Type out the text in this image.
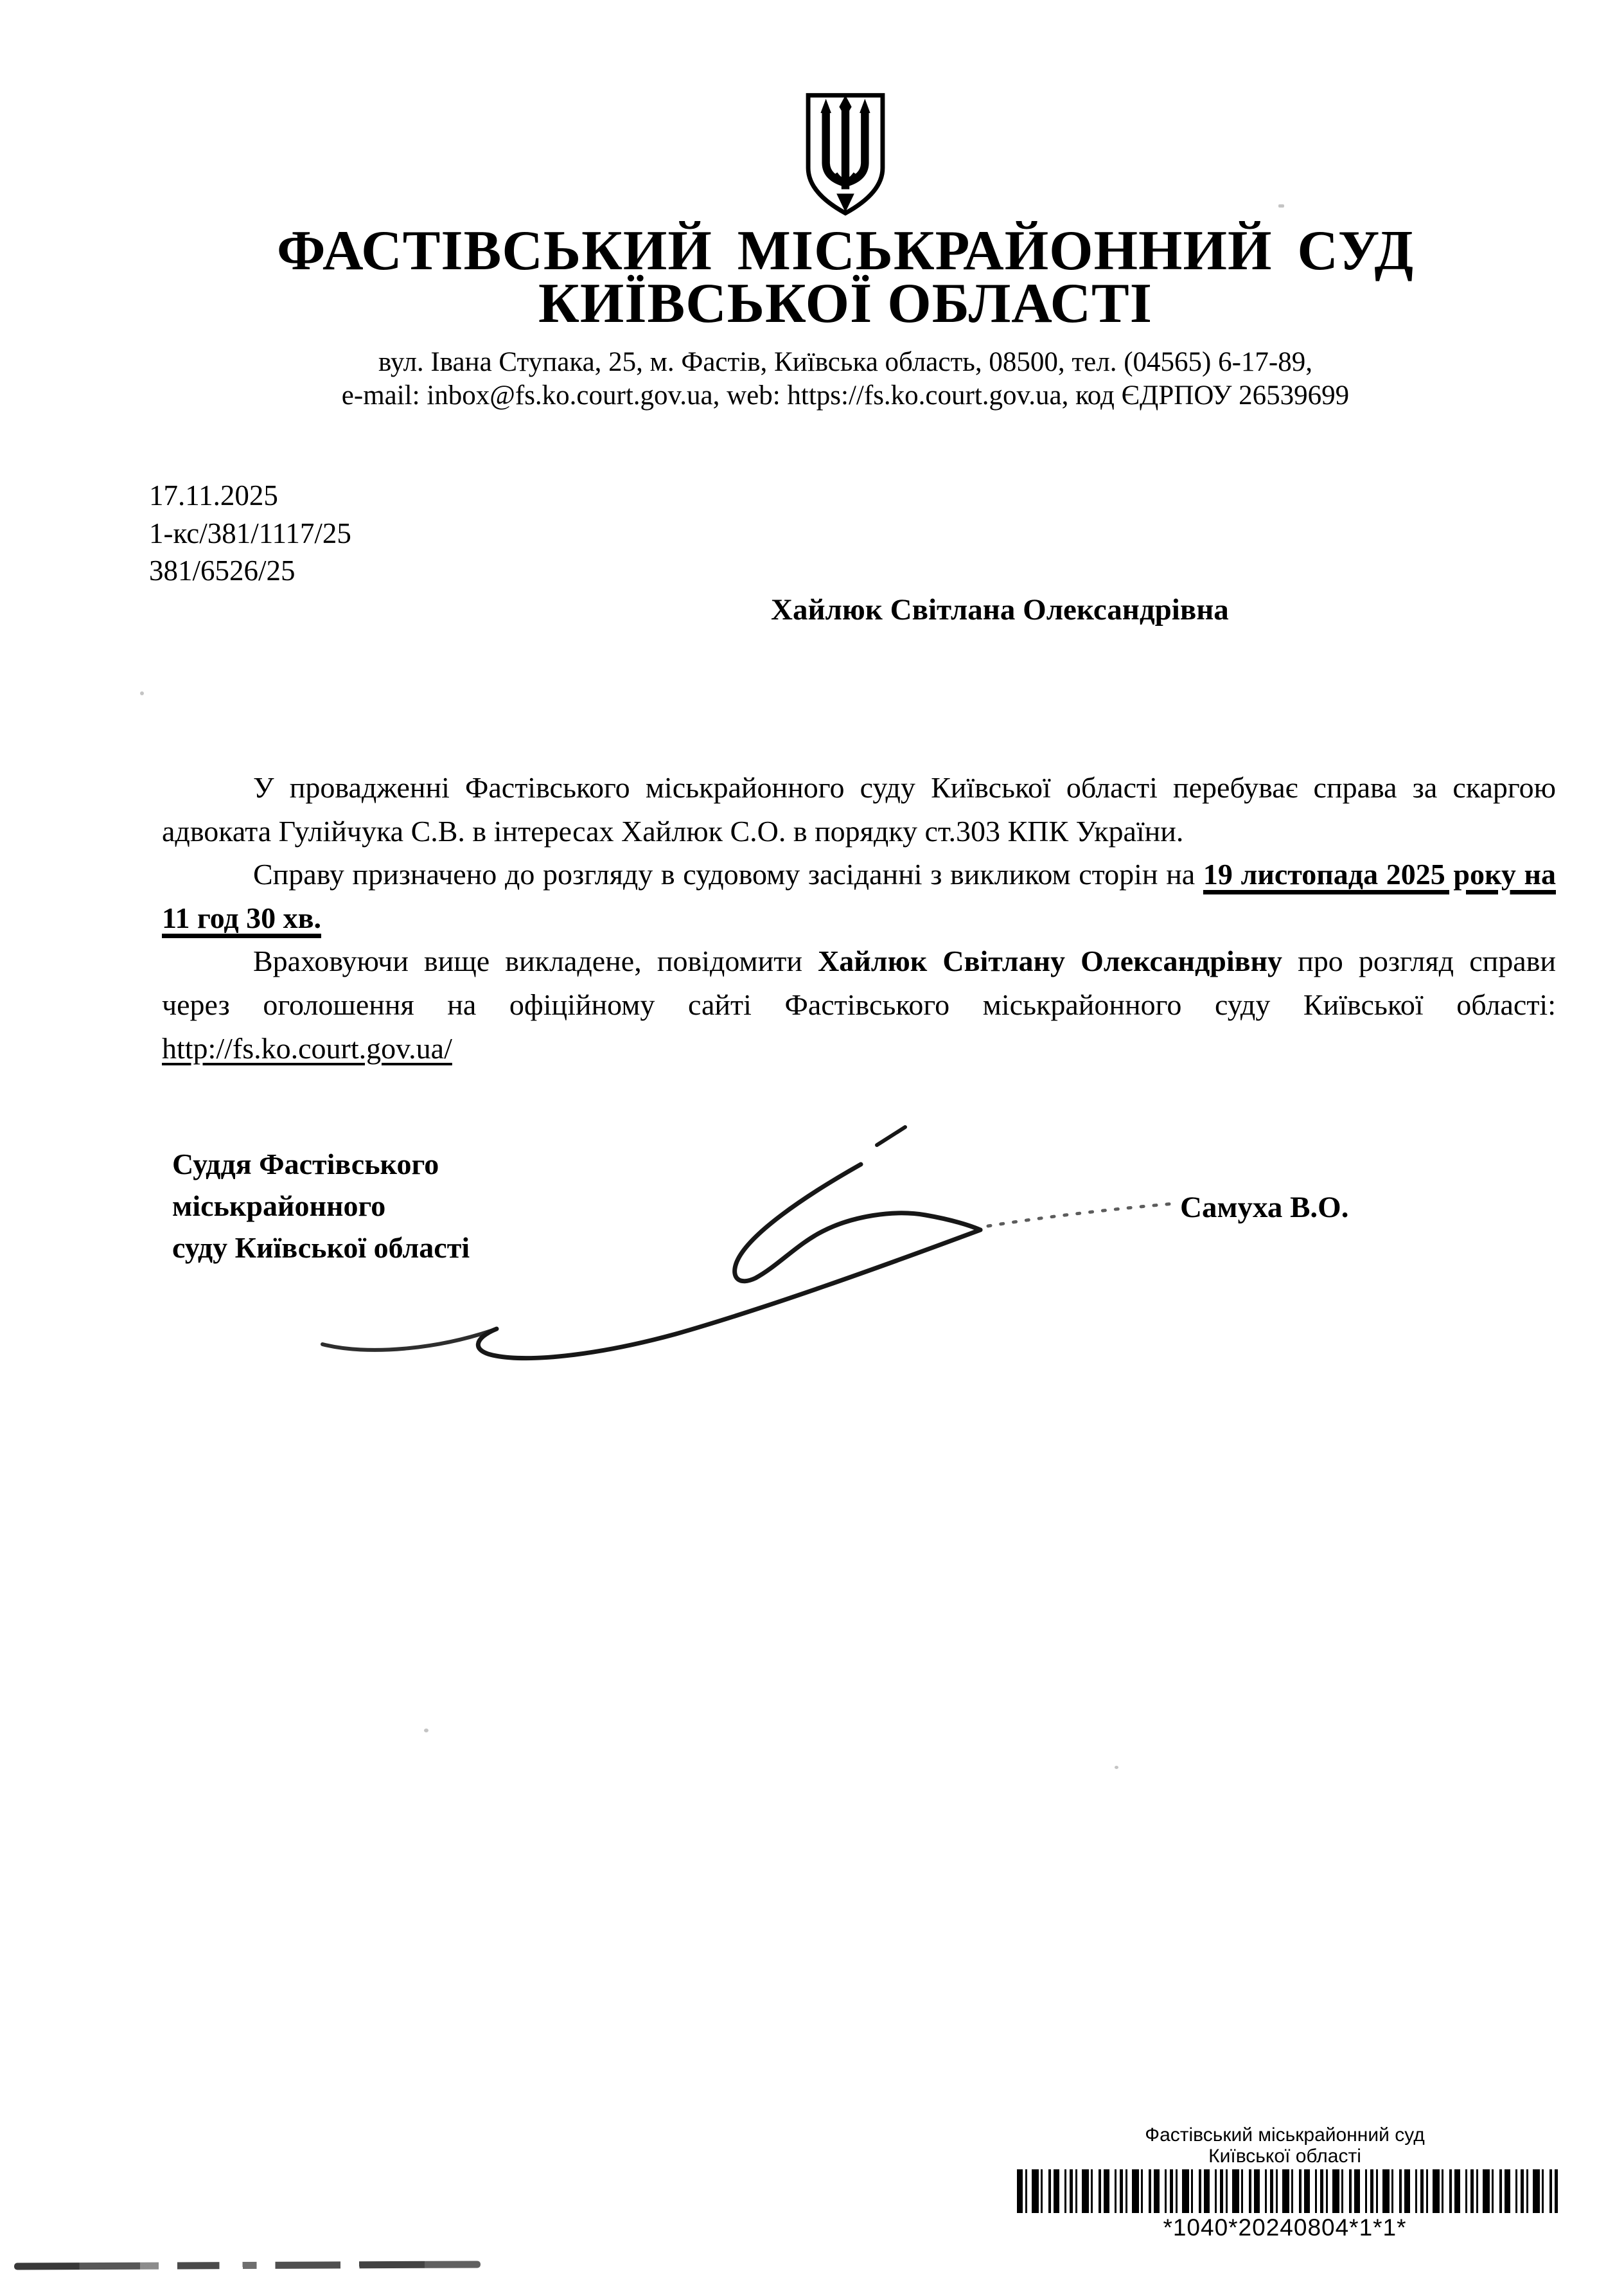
ФАСТІВСЬКИЙ МІСЬКРАЙОННИЙ СУД
КИЇВСЬКОЇ ОБЛАСТІ
вул. Івана Ступака, 25, м. Фастів, Київська область, 08500, тел. (04565) 6-17-89,
e-mail: inbox@fs.ko.court.gov.ua, web: https://fs.ko.court.gov.ua, код ЄДРПОУ 26539699
17.11.2025
1-кс/381/1117/25
381/6526/25
Хайлюк Світлана Олександрівна

У провадженні Фастівського міськрайонного суду Київської області перебуває справа за скаргою адвоката Гулійчука С.В. в інтересах Хайлюк С.О. в порядку ст.303 КПК України.

Справу призначено до розгляду в судовому засіданні з викликом сторін на 19 листопада 2025 року на 11 год 30 хв.

Враховуючи вище викладене, повідомити Хайлюк Світлану Олександрівну про розгляд справи через оголошення на офіційному сайті Фастівського міськрайонного суду Київської області: http://fs.ko.court.gov.ua/

Суддя Фастівського
міськрайонного
суду Київської області
Самуха В.О.
Фастівський міськрайонний суд
Київської області
*1040*20240804*1*1*
